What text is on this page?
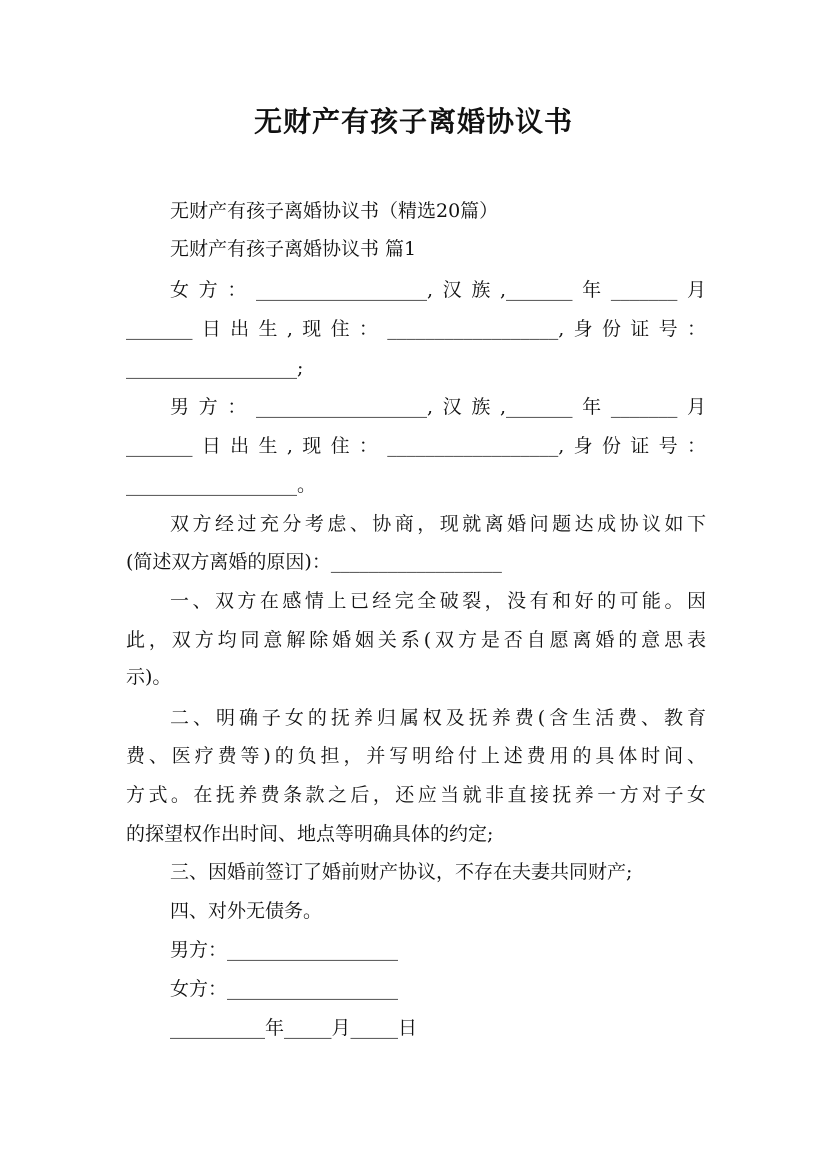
无财产有孩子离婚协议书
无财产有孩子离婚协议书（精选20篇）
无财产有孩子离婚协议书 篇1
女方：__________________,汉族,_______年_______月
_______日出生,现住：__________________,身份证号：
__________________;
男方：__________________,汉族,_______年_______月
_______日出生,现住：__________________,身份证号：
__________________。
双方经过充分考虑、协商，现就离婚问题达成协议如下
(简述双方离婚的原因)：__________________
一、双方在感情上已经完全破裂，没有和好的可能。因
此，双方均同意解除婚姻关系(双方是否自愿离婚的意思表
示)。
二、明确子女的抚养归属权及抚养费(含生活费、教育
费、医疗费等)的负担，并写明给付上述费用的具体时间、
方式。在抚养费条款之后，还应当就非直接抚养一方对子女
的探望权作出时间、地点等明确具体的约定;
三、因婚前签订了婚前财产协议，不存在夫妻共同财产;
四、对外无债务。
男方：__________________
女方：__________________
__________年_____月_____日
